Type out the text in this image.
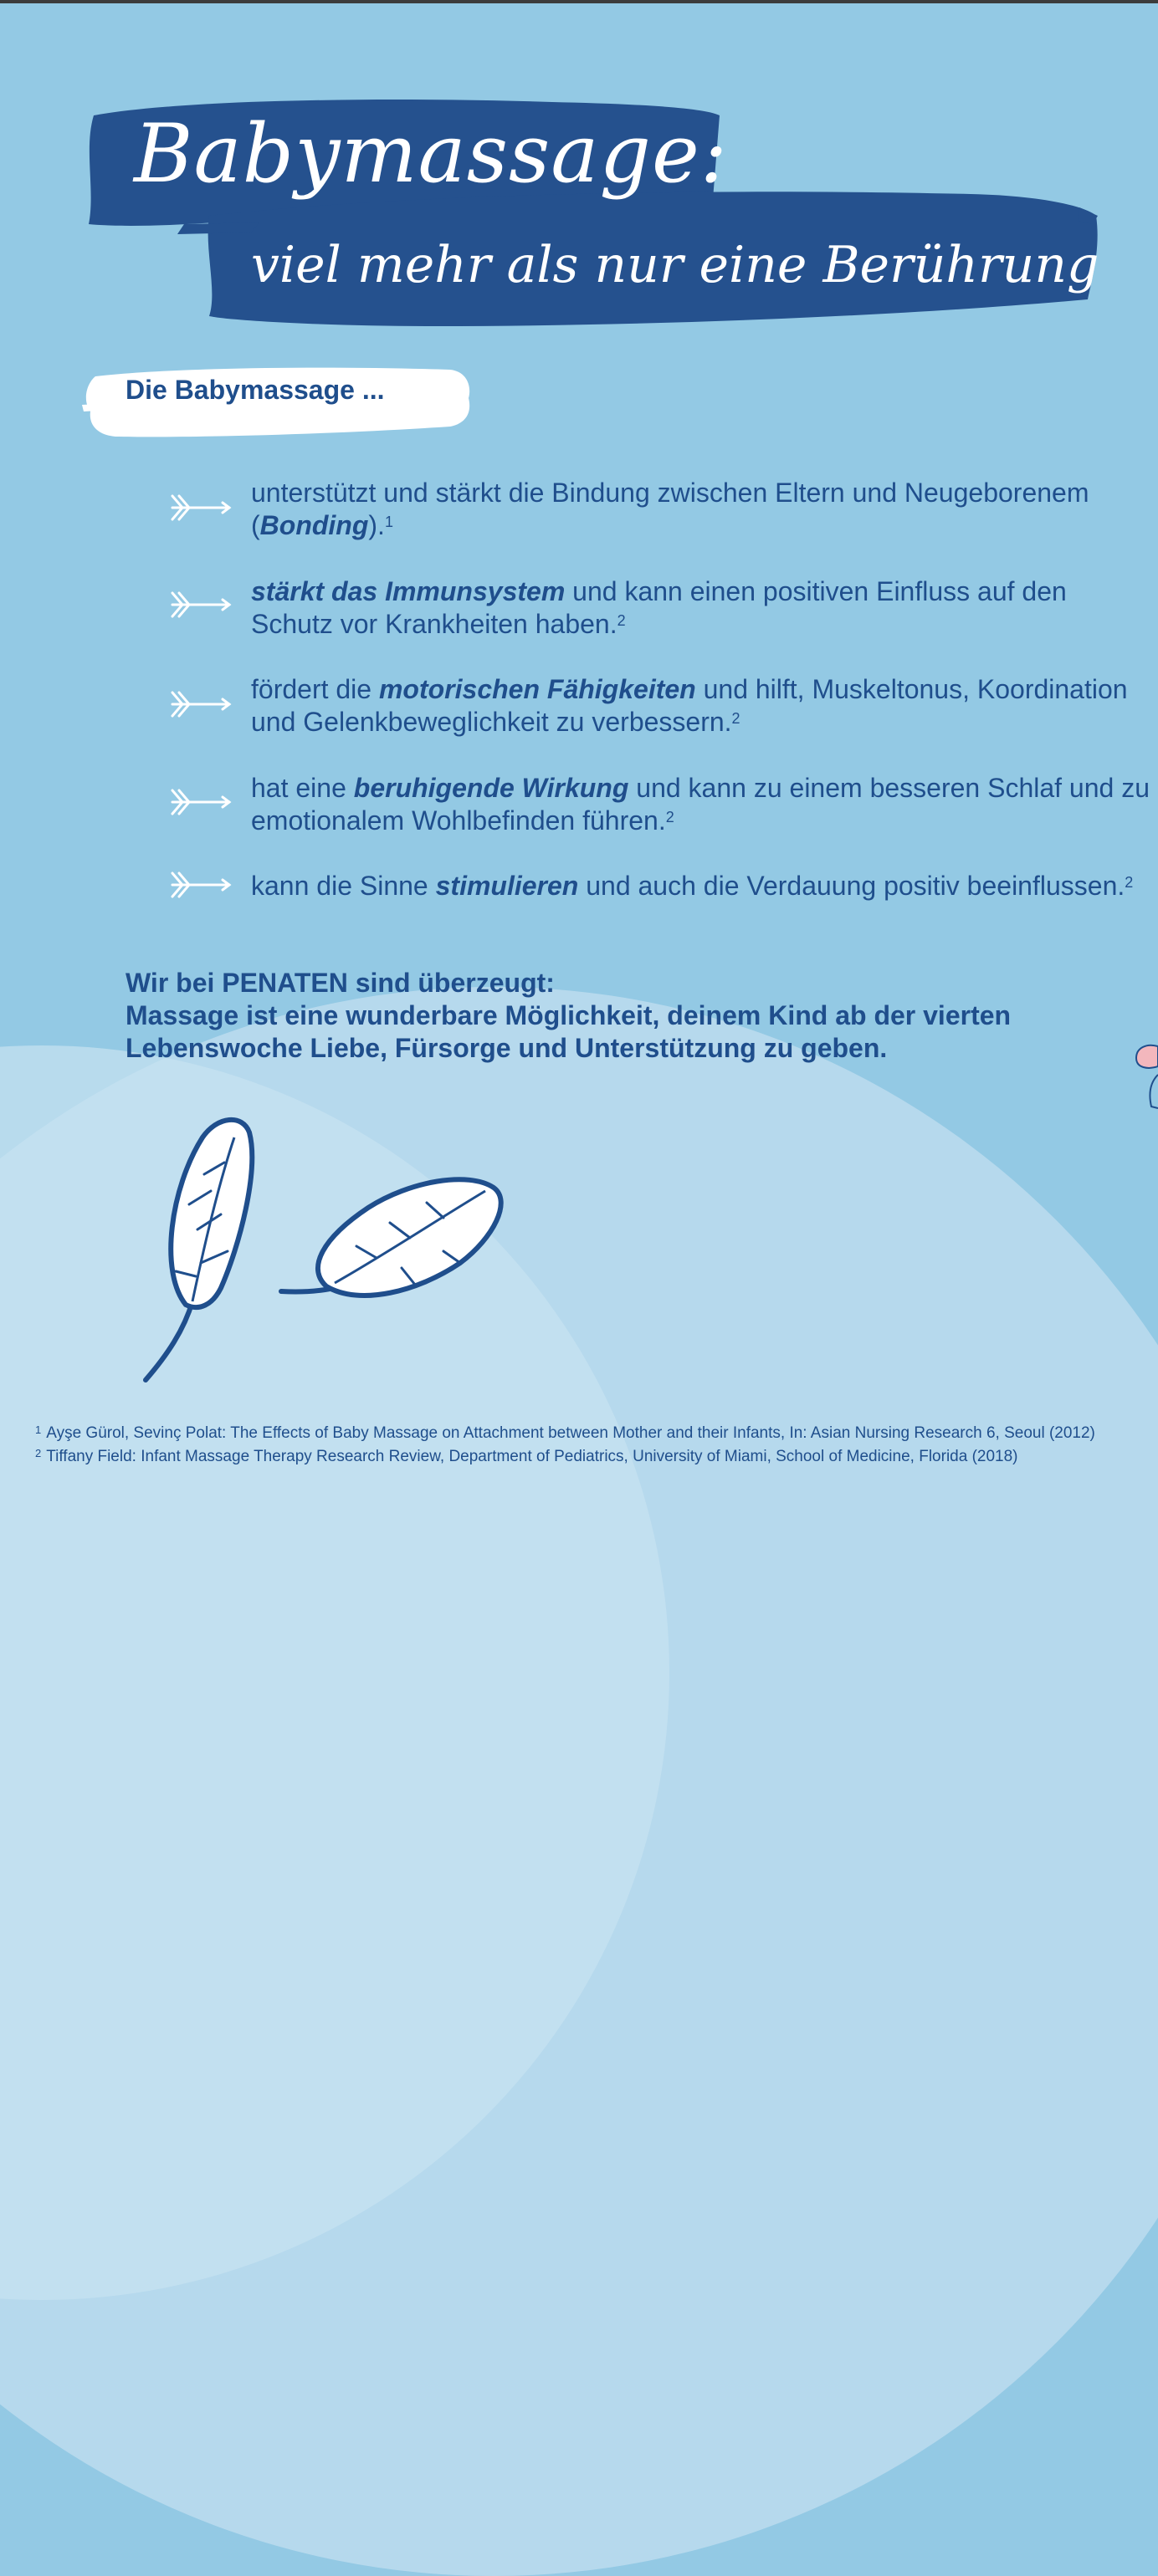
Babymassage:
viel mehr als nur eine Berührung

Die Babymassage ...

unterstützt und stärkt die Bindung zwischen Eltern und Neugeborenem (Bonding).$^1$
stärkt das Immunsystem und kann einen positiven Einfluss auf den Schutz vor Krankheiten haben.$^2$
fördert die motorischen Fähigkeiten und hilft, Muskeltonus, Koordination und Gelenkbeweglichkeit zu verbessern.$^2$
hat eine beruhigende Wirkung und kann zu einem besseren Schlaf und zu emotionalem Wohlbefinden führen.$^2$
kann die Sinne stimulieren und auch die Verdauung positiv beeinflussen.$^2$
Wir bei PENATEN sind überzeugt:
Massage ist eine wunderbare Möglichkeit, deinem Kind ab der vierten Lebenswoche Liebe, Fürsorge und Unterstützung zu geben.
$^1$ Ayşe Gürol, Sevinç Polat: The Effects of Baby Massage on Attachment between Mother and their Infants, In: Asian Nursing Research 6, Seoul (2012)
$^2$ Tiffany Field: Infant Massage Therapy Research Review, Department of Pediatrics, University of Miami, School of Medicine, Florida (2018)
